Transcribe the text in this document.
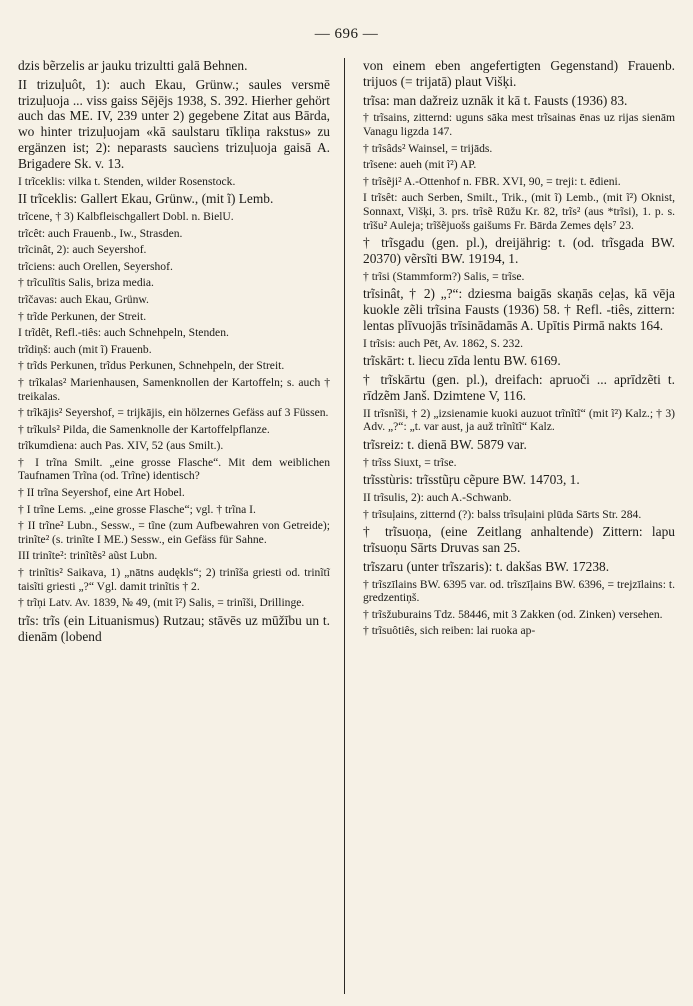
— 696 —

dzis bẽrzelis ar jauku trizultti galā Behnen.

II trizuļuôt, 1): auch Ekau, Grünw.; saules versmē trizuļuoja ... viss gaiss Sējējs 1938, S. 392. Hierher gehört auch das ME. IV, 239 unter 2) gegebene Zitat aus Bārda, wo hinter trizuļuojam «kā saulstaru tīkliņa rakstus» zu ergänzen ist; 2): neparasts saucìens trizuļuoja gaisā A. Brigadere Sk. v. 13.

I trĩceklis: vilka t. Stenden, wilder Rosenstock.

II trĩceklis: Gallert Ekau, Grünw., (mit ĩ) Lemb.

trĩcene, † 3) Kalbfleischgallert Dobl. n. BielU.

trĩcêt: auch Frauenb., Iw., Strasden.

trĩcinât, 2): auch Seyershof.

trĩciens: auch Orellen, Seyershof.

† trĩculĩtis Salis, briza media.

trĩčavas: auch Ekau, Grünw.

† trĩde Perkunen, der Streit.

I trĩdêt, Refl.-tiês: auch Schnehpeln, Stenden.

trĩdiņš: auch (mit ĩ) Frauenb.

† trĩds Perkunen, trĩdus Perkunen, Schnehpeln, der Streit.

† trĩkalas² Marienhausen, Samenknollen der Kartoffeln; s. auch † treikalas.

† trĩkājis² Seyershof, = trijkājis, ein hölzernes Gefäss auf 3 Füssen.

† trĩkuls² Pilda, die Samenknolle der Kartoffelpflanze.

trĩkumdìena: auch Pas. XIV, 52 (aus Smilt.).

† I trĩna Smilt. „eine grosse Flasche“. Mit dem weiblichen Taufnamen Trĩna (od. Trĩne) identisch?

† II trĩna Seyershof, eine Art Hobel.

† I trĩne Lems. „eine grosse Flasche“; vgl. † trĩna I.

† II trĩne² Lubn., Sessw., = tĩne (zum Aufbewahren von Getreide); trinĩte² (s. trinĩte I ME.) Sessw., ein Gefäss für Sahne.

III trinĩte²: trinĩtẽs² aũst Lubn.

† trinĩtis² Saikava, 1) „nātns audękls“; 2) trinĩša griesti od. trinĩtĩ taisĩti griesti „?“ Vgl. damit trinĩtis † 2.

† trĩņi Latv. Av. 1839, № 49, (mit ĩ²) Salis, = trinĩši, Drillinge.

trĩs: trĩs (ein Lituanismus) Rutzau; stāvēs uz mūžību un t. dienām (lobend

von einem eben angefertigten Gegenstand) Frauenb. trijuos (= trijatā) plaut Višķi.

trĩsa: man dažreiz uznāk it kā t. Fausts (1936) 83.

† trĩsains, zitternd: uguns sāka mest trĩsainas ēnas uz rijas sienām Vanagu ligzda 147.

† trĩsâds² Wainsel, = trijāds.

trĩsene: aueh (mit ĩ²) AP.

† trĩsẽji² A.-Ottenhof n. FBR. XVI, 90, = treji: t. ēdieni.

I trĩsêt: auch Serben, Smilt., Trik., (mit ĩ) Lemb., (mit ĩ²) Oknist, Sonnaxt, Višķi, 3. prs. trĩsẽ Rūžu Kr. 82, trĩs² (aus *trĩsi), 1. p. s. trĩšu² Auleja; trĩšẽjuošs gaišums Fr. Bārda Zemes dęls⁷ 23.

† trĩsgadu (gen. pl.), dreijährig: t. (od. trĩsgada BW. 20370) vẽrsĩti BW. 19194, 1.

† trĩsi (Stammform?) Salis, = trĩse.

trĩsinât, † 2) „?“: dziesma baigās skaņās ceļas, kā vēja kuokle zẽli trĩsina Fausts (1936) 58. † Refl. -tiês, zittern: lentas plīvuojās trīsinādamās A. Upītis Pirmā nakts 164.

I trĩsis: auch Pēt, Av. 1862, S. 232.

trĩskārt: t. liecu zīda lentu BW. 6169.

† trĩskārtu (gen. pl.), dreifach: apruoči ... aprīdzẽti t. rīdzẽm Janš. Dzimtene V, 116.

II trĩsnĩši, † 2) „izsienamie kuoki auzuot trĩnĩtĩ“ (mit ĩ²) Kalz.; † 3) Adv. „?“: „t. var aust, ja auž trĩnĩtĩ“ Kalz.

trĩsreiz: t. dienā BW. 5879 var.

† trĩss Siuxt, = trĩse.

trĩsstùris: trĩsstũŗu cẽpure BW. 14703, 1.

II trĩsulis, 2): auch A.-Schwanb.

† trĩsuļains, zitternd (?): balss trĩsuļaini plūda Sārts Str. 284.

† trĩsuoņa, (eine Zeitlang anhaltende) Zittern: lapu trĩsuoņu Sārts Druvas san 25.

trĩszaru (unter trĩszaris): t. dakšas BW. 17238.

† trĩszīlains BW. 6395 var. od. trĩszīļains BW. 6396, = trejzīlains: t. gredzentiņš.

† trĩsžuburains Tdz. 58446, mit 3 Zakken (od. Zinken) versehen.

† trĩsuôtiês, sich reiben: lai ruoka ap-
